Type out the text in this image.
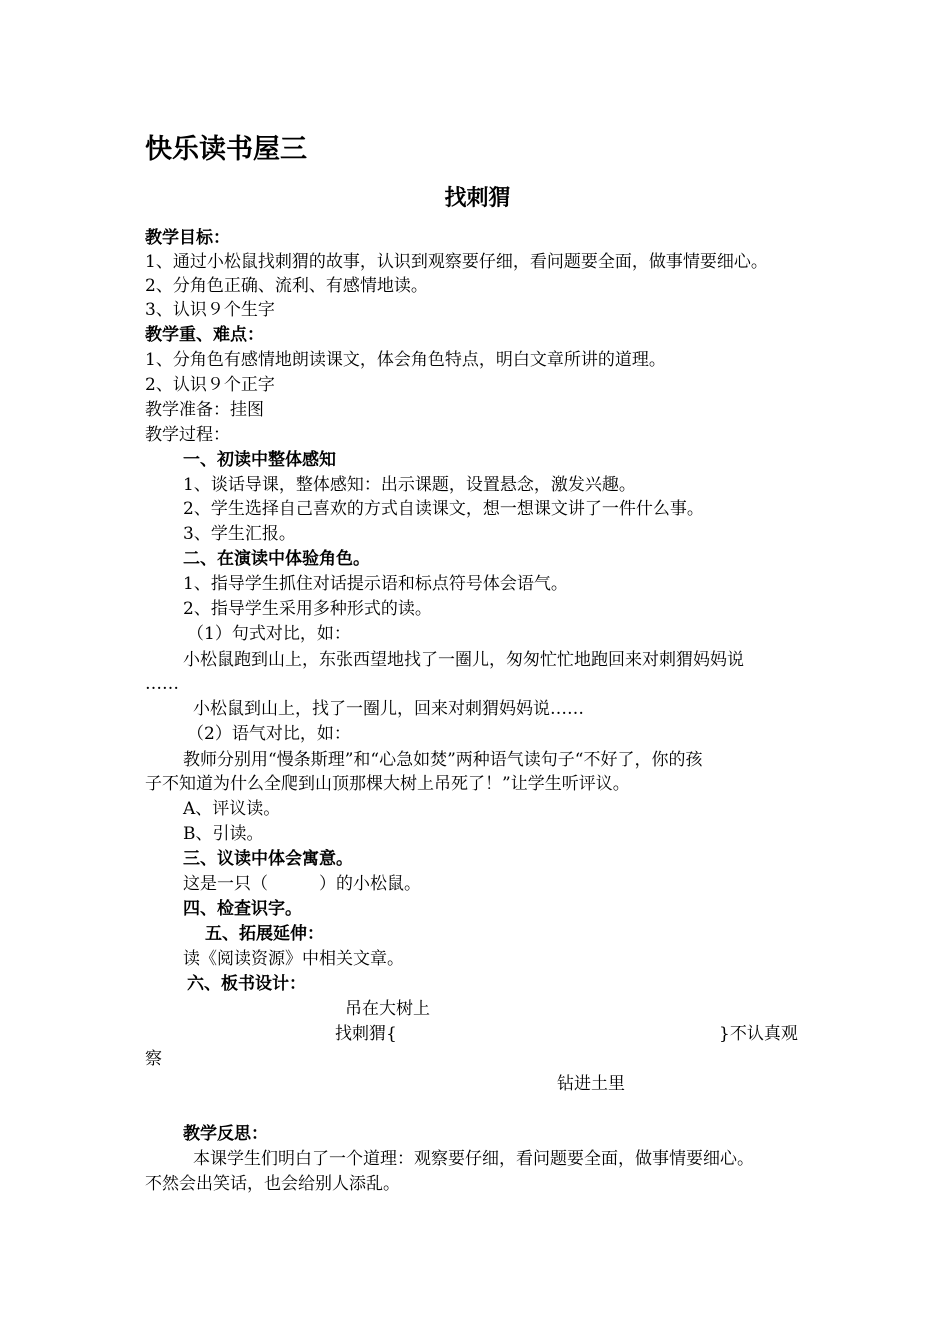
快乐读书屋三
找刺猬
教学目标：
1、通过小松鼠找刺猬的故事，认识到观察要仔细，看问题要全面，做事情要细心。
2、分角色正确、流利、有感情地读。
3、认识９个生字
教学重、难点：
1、分角色有感情地朗读课文，体会角色特点，明白文章所讲的道理。
2、认识９个正字
教学准备：挂图
教学过程：
一、初读中整体感知
1、谈话导课，整体感知：出示课题，设置悬念，激发兴趣。
2、学生选择自己喜欢的方式自读课文，想一想课文讲了一件什么事。
3、学生汇报。
二、在演读中体验角色。
1、指导学生抓住对话提示语和标点符号体会语气。
2、指导学生采用多种形式的读。
（1）句式对比，如：
小松鼠跑到山上，东张西望地找了一圈儿，匆匆忙忙地跑回来对刺猬妈妈说
……
小松鼠到山上，找了一圈儿，回来对刺猬妈妈说……
（2）语气对比，如：
教师分别用“慢条斯理”和“心急如焚”两种语气读句子“不好了，你的孩
子不知道为什么全爬到山顶那棵大树上吊死了！”让学生听评议。
A、评议读。
B、引读。
三、议读中体会寓意。
这是一只（　　　）的小松鼠。
四、检查识字。
五、拓展延伸：
读《阅读资源》中相关文章。
六、板书设计：
吊在大树上
找刺猬{	}不认真观
察
钻进土里
教学反思：
本课学生们明白了一个道理：观察要仔细，看问题要全面，做事情要细心。
不然会出笑话，也会给别人添乱。
